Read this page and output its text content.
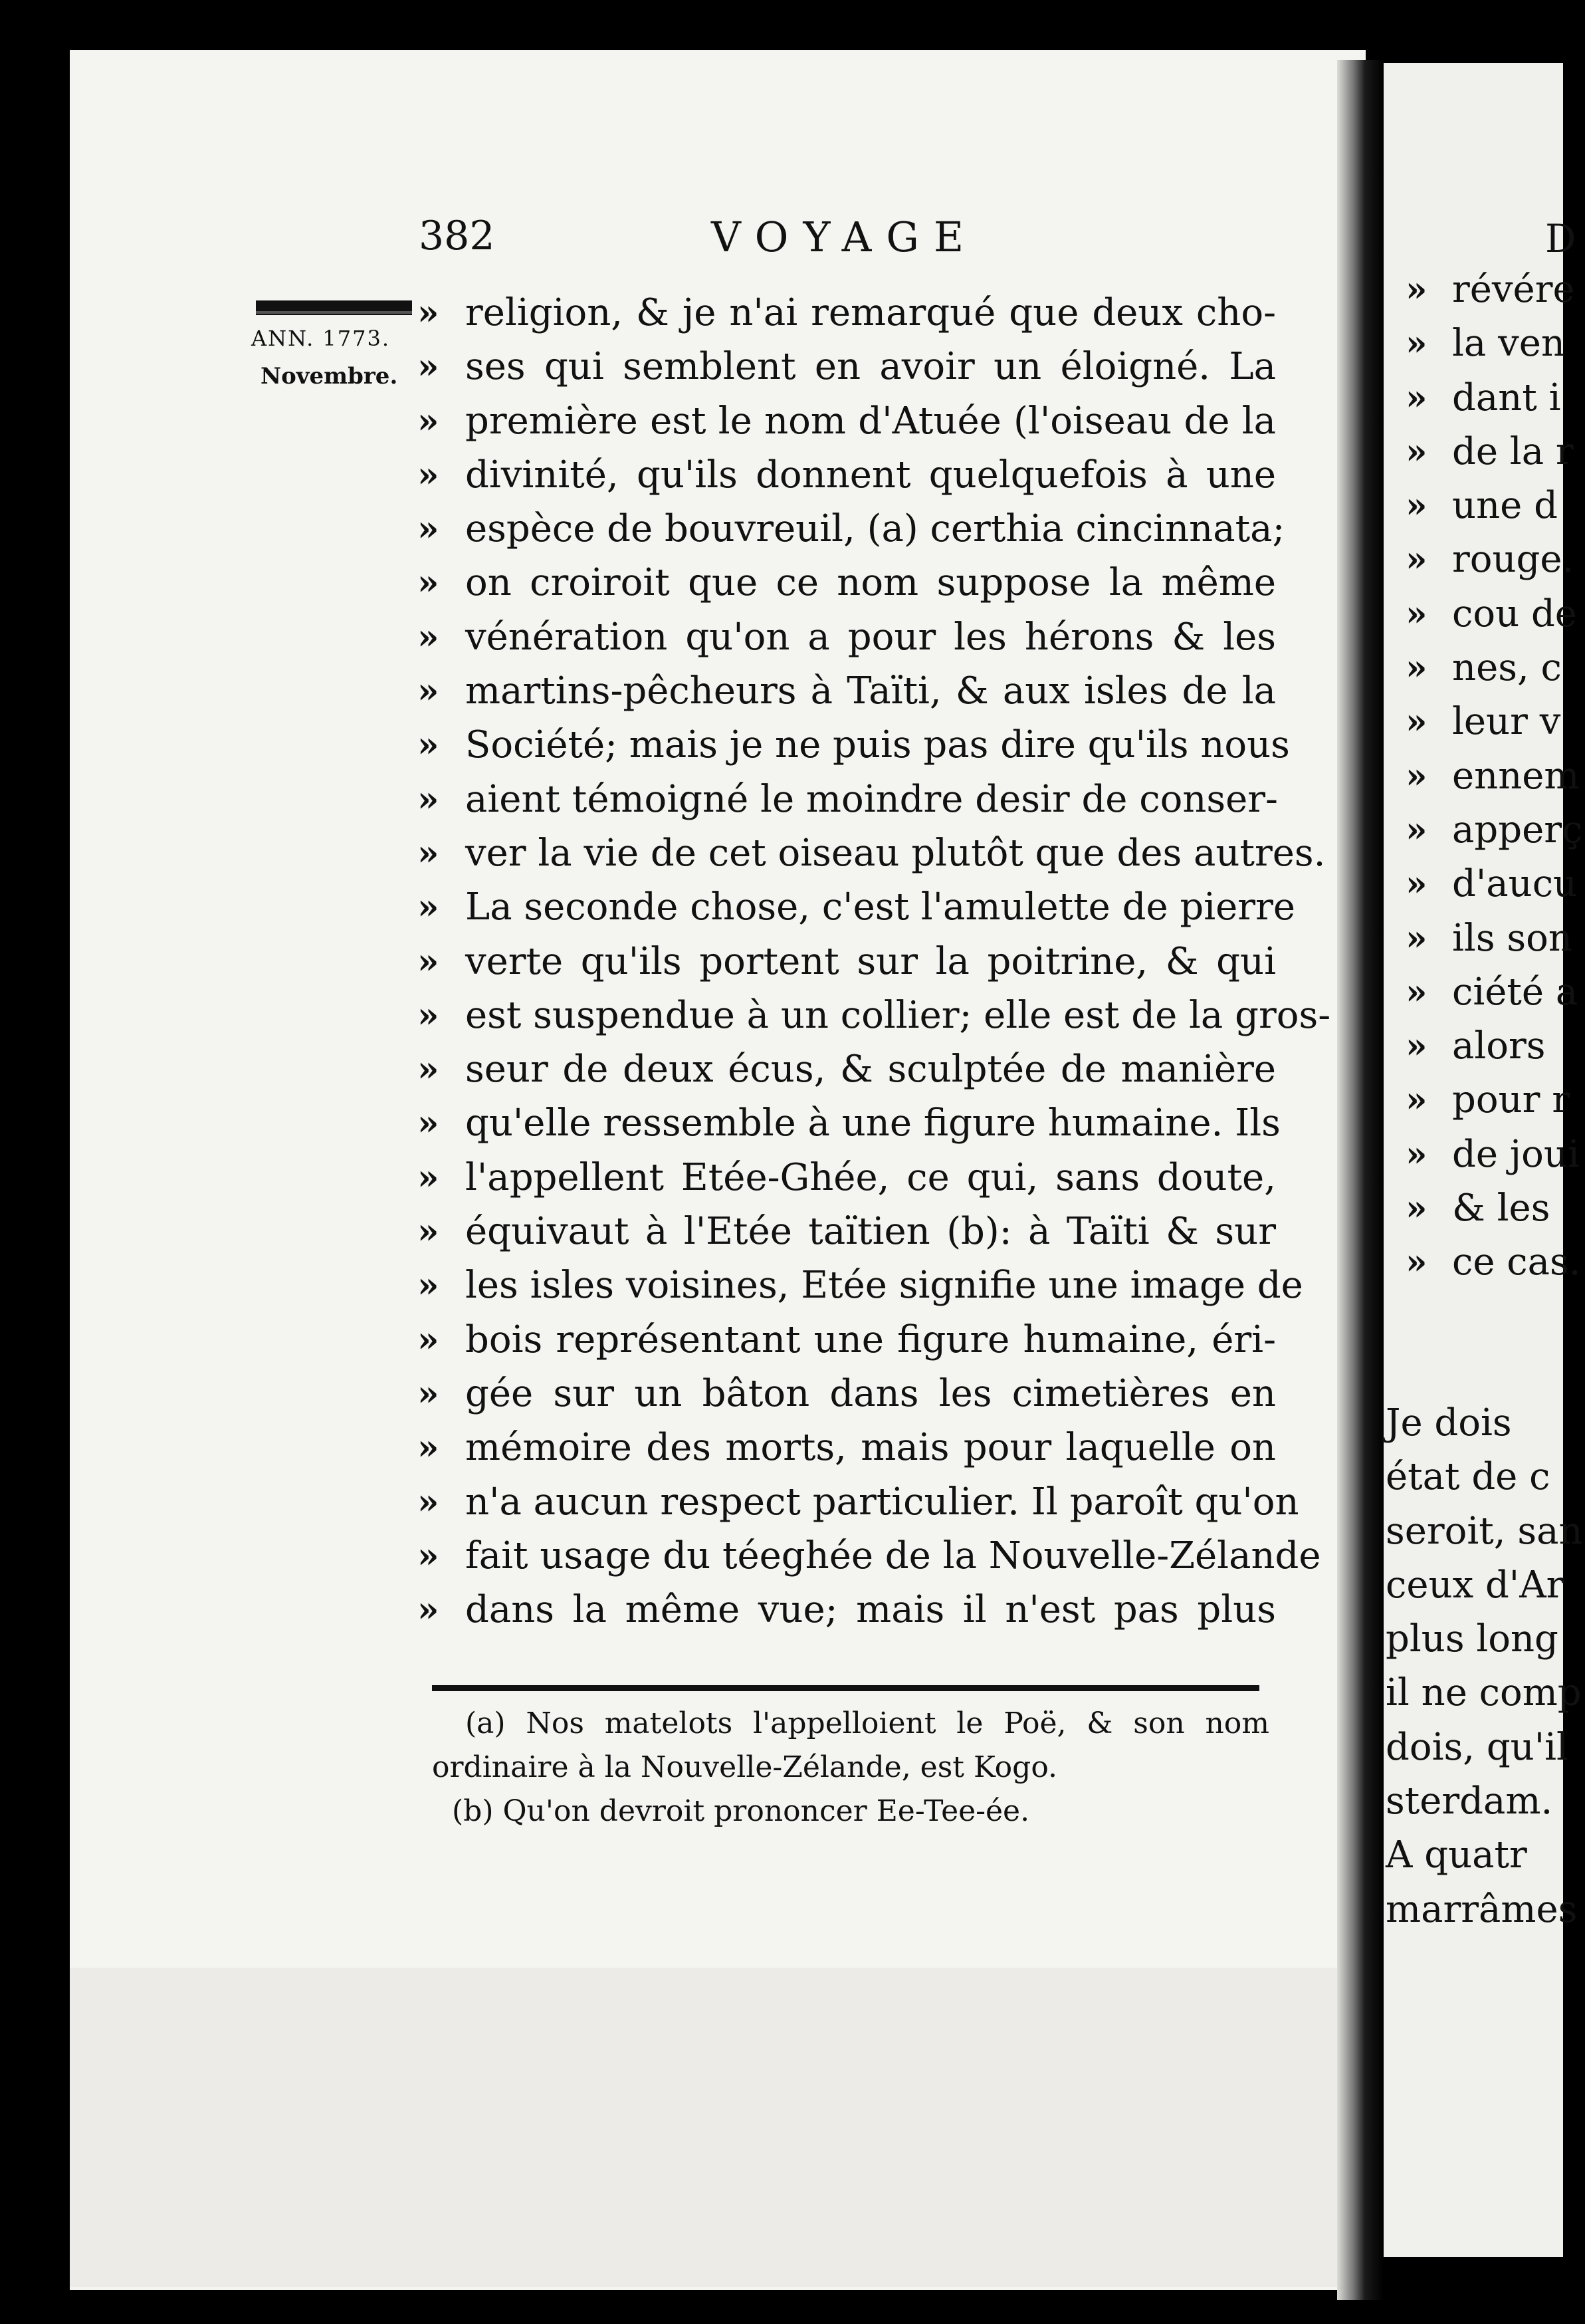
382	VOYAGE
ANN. 1773.
Novembre.
»
»
»
»
»
»
»
»
»
»
»
»
»
»
»
»
»
»
»
»
»
»
»
»
»
religion, & je n'ai remarqué que deux cho-
ses qui semblent en avoir un éloigné. La
première est le nom d'Atuée (l'oiseau de la
divinité, qu'ils donnent quelquefois à une
espèce de bouvreuil, (a) certhia cincinnata;
on croiroit que ce nom suppose la même
vénération qu'on a pour les hérons & les
martins-pêcheurs à Taïti, & aux isles de la
Société; mais je ne puis pas dire qu'ils nous
aient témoigné le moindre desir de conser-
ver la vie de cet oiseau plutôt que des autres.
La seconde chose, c'est l'amulette de pierre
verte qu'ils portent sur la poitrine, & qui
est suspendue à un collier; elle est de la gros-
seur de deux écus, & sculptée de manière
qu'elle ressemble à une figure humaine. Ils
l'appellent Etée-Ghée, ce qui, sans doute,
équivaut à l'Etée taïtien (b): à Taïti & sur
les isles voisines, Etée signifie une image de
bois représentant une figure humaine, éri-
gée sur un bâton dans les cimetières en
mémoire des morts, mais pour laquelle on
n'a aucun respect particulier. Il paroît qu'on
fait usage du téeghée de la Nouvelle-Zélande
dans la même vue; mais il n'est pas plus
(a) Nos matelots l'appelloient le Poë, & son nom
ordinaire à la Nouvelle-Zélande, est Kogo.
(b) Qu'on devroit prononcer Ee-Tee-ée.
D
»
»
»
»
»
»
»
»
»
»
»
»
»
»
»
»
»
»
»
révére
la ven
dant i
de la r
une d
rouge.
cou de
nes, c
leur v
ennem
apperç
d'aucu
ils son
ciété a
alors
pour r
de joui
& les
ce cas.
Je dois
état de c
seroit, san
ceux d'Ar
plus long
il ne comp
dois, qu'il
sterdam.
A quatr
marrâmes
